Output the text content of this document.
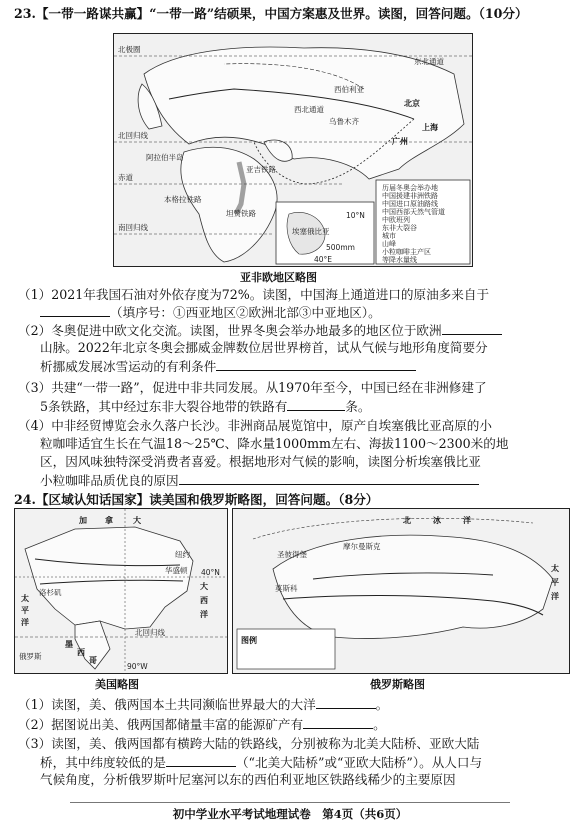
23.【一带一路谋共赢】“一带一路”结硕果，中国方案惠及世界。读图，回答问题。（10分）
历届冬奥会举办地
中国援建非洲铁路
中国进口原油路线
中国西部天然气管道
中欧班列
东非大裂谷
城市
山峰
小粒咖啡主产区
等降水量线
北极圈
西北通道
西伯利亚
东北通道
乌鲁木齐
北京
上海
广州
北回归线
阿拉伯半岛
亚吉铁路
赤道
本格拉铁路
南回归线
坦赞铁路
埃塞俄比亚
500mm
10°N
40°E
亚非欧地区略图
（1）2021年我国石油对外依存度为72%。读图，中国海上通道进口的原油多来自于
（填序号：①西亚地区②欧洲北部③中亚地区）。
（2）冬奥促进中欧文化交流。读图，世界冬奥会举办地最多的地区位于欧洲
山脉。2022年北京冬奥会挪威金牌数位居世界榜首，试从气候与地形角度简要分
析挪威发展冰雪运动的有利条件
（3）共建“一带一路”，促进中非共同发展。从1970年至今，中国已经在非洲修建了
5条铁路，其中经过东非大裂谷地带的铁路有	条。
（4）中非经贸博览会永久落户长沙。非洲商品展览馆中，原产自埃塞俄比亚高原的小
粒咖啡适宜生长在气温18～25℃、降水量1000mm左右、海拔1100～2300米的地
区，因风味独特深受消费者喜爱。根据地形对气候的影响，读图分析埃塞俄比亚
小粒咖啡品质优良的原因
24.【区域认知话国家】读美国和俄罗斯略图，回答问题。（8分）
加 拿	大
太
平
洋
大
西
洋
墨
西
哥
洛杉矶
华盛顿
纽约
北回归线
40°N
俄罗斯
90°W
美国略图
图例
北	冰	洋
圣彼得堡
摩尔曼斯克
莫斯科
太
平
洋
俄罗斯略图
（1）读图，美、俄两国本土共同濒临世界最大的大洋	。
（2）据图说出美、俄两国都储量丰富的能源矿产有	。
（3）读图，美、俄两国都有横跨大陆的铁路线，分别被称为北美大陆桥、亚欧大陆
桥，其中纬度较低的是	（“北美大陆桥”或“亚欧大陆桥”）。从人口与
气候角度，分析俄罗斯叶尼塞河以东的西伯利亚地区铁路线稀少的主要原因
初中学业水平考试地理试卷　第4页（共6页）
